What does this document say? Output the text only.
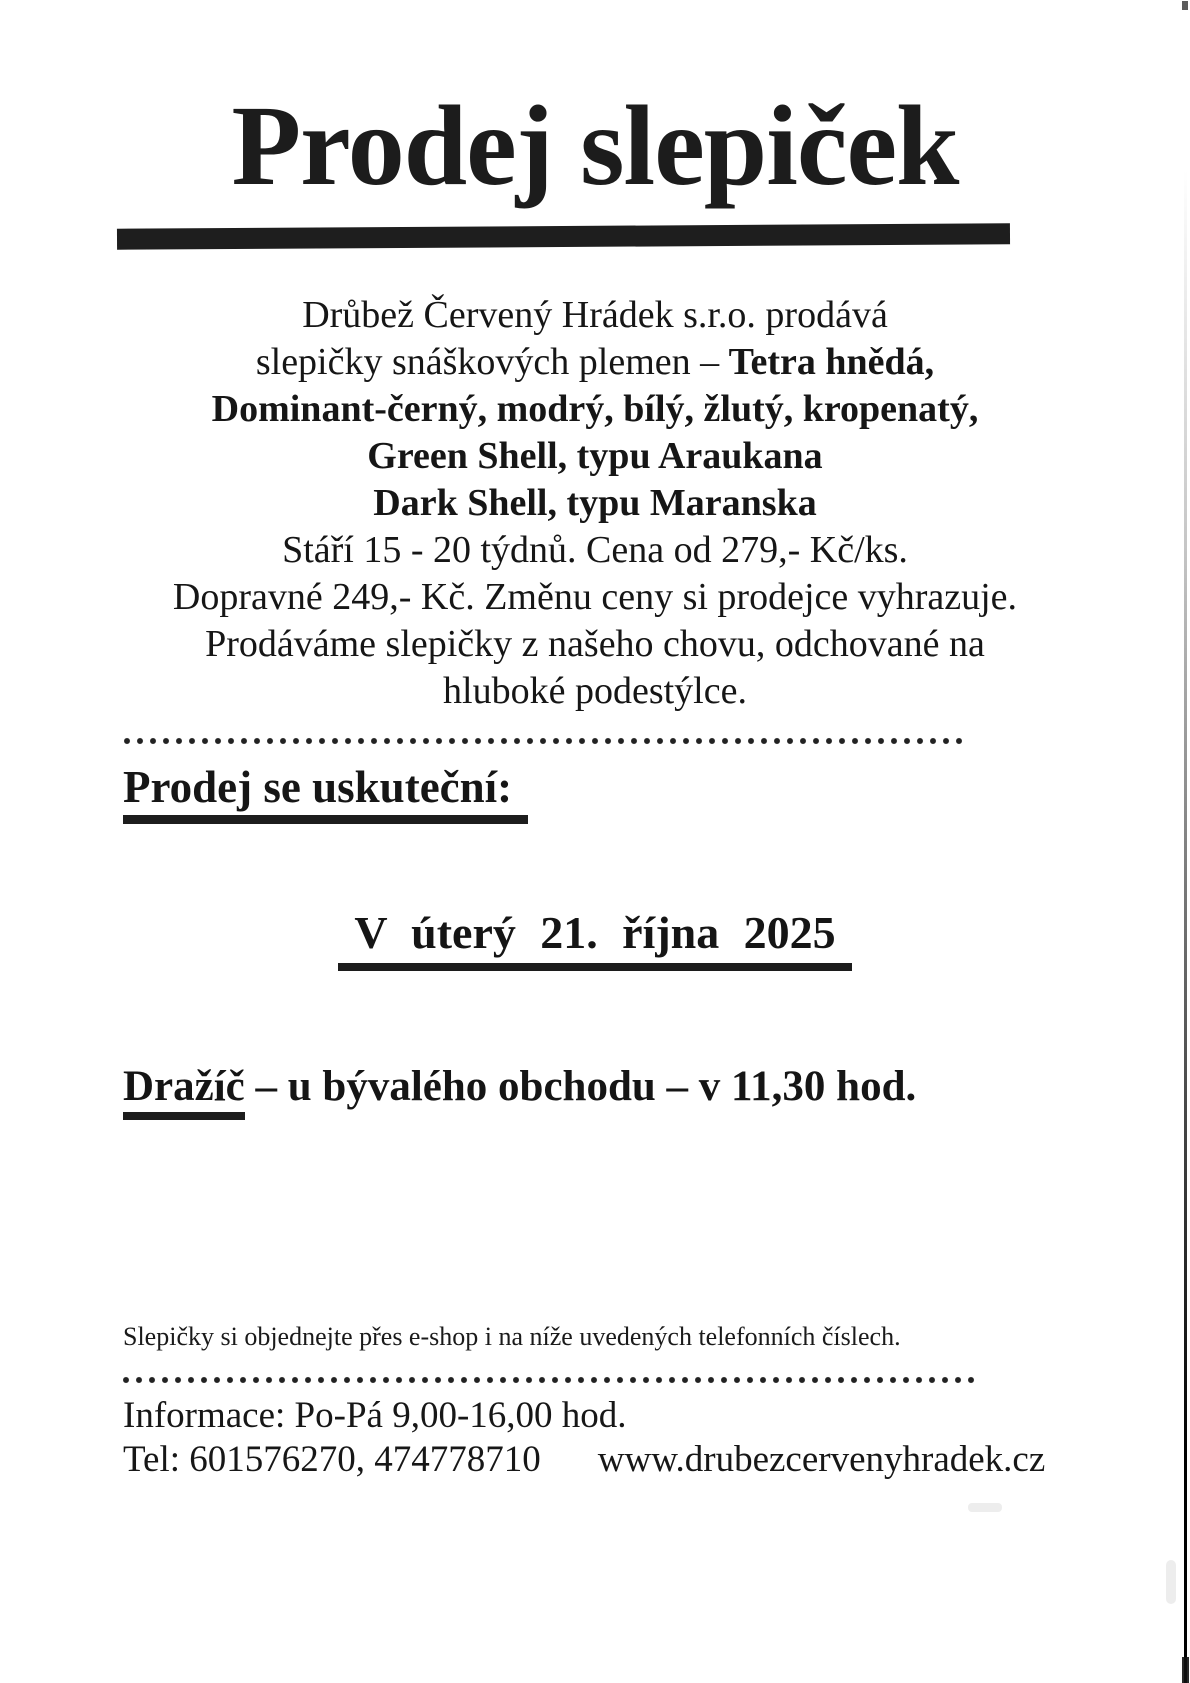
Prodej slepiček
Drůbež Červený Hrádek s.r.o. prodává
slepičky snáškových plemen – Tetra hnědá,
Dominant-černý, modrý, bílý, žlutý, kropenatý,
Green Shell, typu Araukana
Dark Shell, typu Maranska
Stáří 15 - 20 týdnů. Cena od 279,- Kč/ks.
Dopravné 249,- Kč. Změnu ceny si prodejce vyhrazuje.
Prodáváme slepičky z našeho chovu, odchované na
hluboké podestýlce.
Prodej se uskuteční:
V úterý 21. října 2025
Dražíč – u bývalého obchodu – v 11,30 hod.
Slepičky si objednejte přes e-shop i na níže uvedených telefonních číslech.
Informace: Po-Pá 9,00-16,00 hod.
Tel: 601576270, 474778710 www.drubezcervenyhradek.cz
